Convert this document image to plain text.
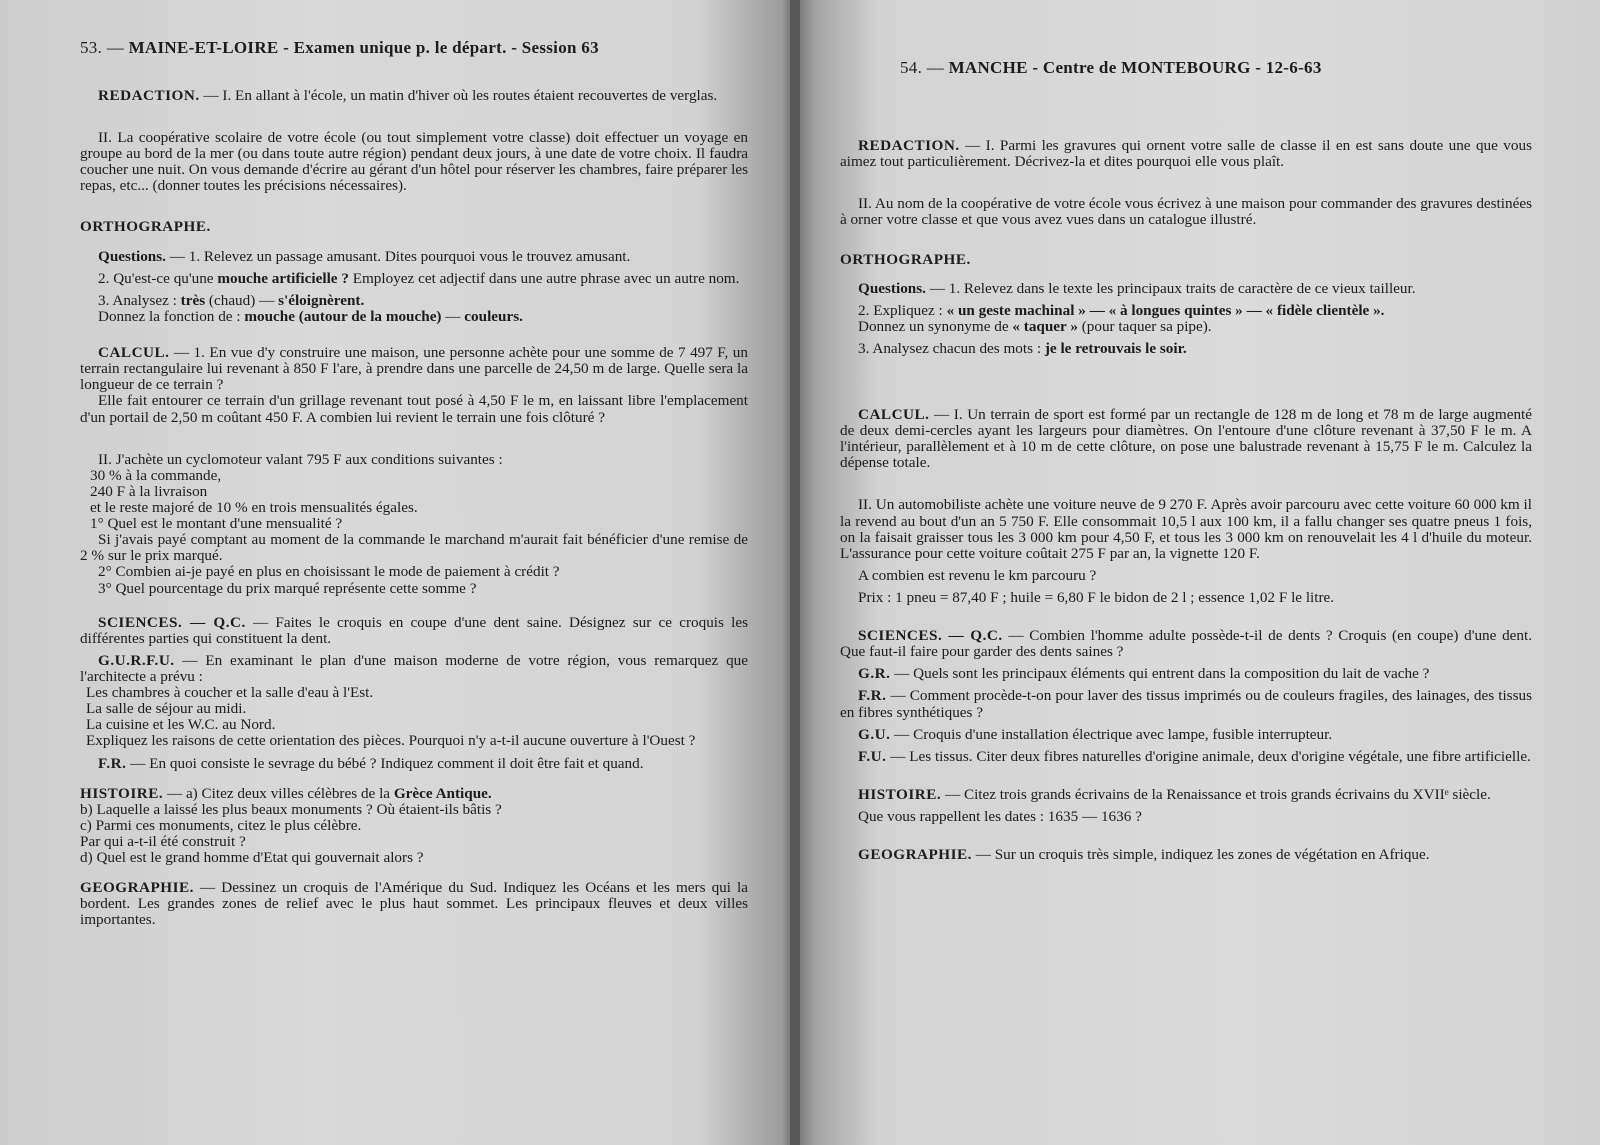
53. — MAINE-ET-LOIRE - Examen unique p. le départ. - Session 63
REDACTION. — I. En allant à l'école, un matin d'hiver où les routes étaient recouvertes de verglas.
II. La coopérative scolaire de votre école (ou tout simplement votre classe) doit effectuer un voyage en groupe au bord de la mer (ou dans toute autre région) pendant deux jours, à une date de votre choix. Il faudra coucher une nuit. On vous demande d'écrire au gérant d'un hôtel pour réserver les chambres, faire préparer les repas, etc... (donner toutes les précisions nécessaires).
ORTHOGRAPHE.
Questions. — 1. Relevez un passage amusant. Dites pourquoi vous le trouvez amusant.
2. Qu'est-ce qu'une mouche artificielle ? Employez cet adjectif dans une autre phrase avec un autre nom.
3. Analysez : très (chaud) — s'éloignèrent.
Donnez la fonction de : mouche (autour de la mouche) — couleurs.
CALCUL. — 1. En vue d'y construire une maison, une personne achète pour une somme de 7 497 F, un terrain rectangulaire lui revenant à 850 F l'are, à prendre dans une parcelle de 24,50 m de large. Quelle sera la longueur de ce terrain ?
Elle fait entourer ce terrain d'un grillage revenant tout posé à 4,50 F le m, en laissant libre l'emplacement d'un portail de 2,50 m coûtant 450 F. A combien lui revient le terrain une fois clôturé ?
II. J'achète un cyclomoteur valant 795 F aux conditions suivantes :
30 % à la commande,
240 F à la livraison
et le reste majoré de 10 % en trois mensualités égales.
1° Quel est le montant d'une mensualité ?
Si j'avais payé comptant au moment de la commande le marchand m'aurait fait bénéficier d'une remise de 2 % sur le prix marqué.
2° Combien ai-je payé en plus en choisissant le mode de paiement à crédit ?
3° Quel pourcentage du prix marqué représente cette somme ?
SCIENCES. — Q.C. — Faites le croquis en coupe d'une dent saine. Désignez sur ce croquis les différentes parties qui constituent la dent.
G.U.R.F.U. — En examinant le plan d'une maison moderne de votre région, vous remarquez que l'architecte a prévu :
Les chambres à coucher et la salle d'eau à l'Est.
La salle de séjour au midi.
La cuisine et les W.C. au Nord.
Expliquez les raisons de cette orientation des pièces. Pourquoi n'y a-t-il aucune ouverture à l'Ouest ?
F.R. — En quoi consiste le sevrage du bébé ? Indiquez comment il doit être fait et quand.
HISTOIRE. — a) Citez deux villes célèbres de la Grèce Antique.
b) Laquelle a laissé les plus beaux monuments ? Où étaient-ils bâtis ?
c) Parmi ces monuments, citez le plus célèbre.
Par qui a-t-il été construit ?
d) Quel est le grand homme d'Etat qui gouvernait alors ?
GEOGRAPHIE. — Dessinez un croquis de l'Amérique du Sud. Indiquez les Océans et les mers qui la bordent. Les grandes zones de relief avec le plus haut sommet. Les principaux fleuves et deux villes importantes.
54. — MANCHE - Centre de MONTEBOURG - 12-6-63
REDACTION. — I. Parmi les gravures qui ornent votre salle de classe il en est sans doute une que vous aimez tout particulièrement. Décrivez-la et dites pourquoi elle vous plaît.
II. Au nom de la coopérative de votre école vous écrivez à une maison pour commander des gravures destinées à orner votre classe et que vous avez vues dans un catalogue illustré.
ORTHOGRAPHE.
Questions. — 1. Relevez dans le texte les principaux traits de caractère de ce vieux tailleur.
2. Expliquez : « un geste machinal » — « à longues quintes » — « fidèle clientèle ».
Donnez un synonyme de « taquer » (pour taquer sa pipe).
3. Analysez chacun des mots : je le retrouvais le soir.
CALCUL. — I. Un terrain de sport est formé par un rectangle de 128 m de long et 78 m de large augmenté de deux demi-cercles ayant les largeurs pour diamètres. On l'entoure d'une clôture revenant à 37,50 F le m. A l'intérieur, parallèlement et à 10 m de cette clôture, on pose une balustrade revenant à 15,75 F le m. Calculez la dépense totale.
II. Un automobiliste achète une voiture neuve de 9 270 F. Après avoir parcouru avec cette voiture 60 000 km il la revend au bout d'un an 5 750 F. Elle consommait 10,5 l aux 100 km, il a fallu changer ses quatre pneus 1 fois, on la faisait graisser tous les 3 000 km pour 4,50 F, et tous les 3 000 km on renouvelait les 4 l d'huile du moteur. L'assurance pour cette voiture coûtait 275 F par an, la vignette 120 F.
A combien est revenu le km parcouru ?
Prix : 1 pneu = 87,40 F ; huile = 6,80 F le bidon de 2 l ; essence 1,02 F le litre.
SCIENCES. — Q.C. — Combien l'homme adulte possède-t-il de dents ? Croquis (en coupe) d'une dent. Que faut-il faire pour garder des dents saines ?
G.R. — Quels sont les principaux éléments qui entrent dans la composition du lait de vache ?
F.R. — Comment procède-t-on pour laver des tissus imprimés ou de couleurs fragiles, des lainages, des tissus en fibres synthétiques ?
G.U. — Croquis d'une installation électrique avec lampe, fusible interrupteur.
F.U. — Les tissus. Citer deux fibres naturelles d'origine animale, deux d'origine végétale, une fibre artificielle.
HISTOIRE. — Citez trois grands écrivains de la Renaissance et trois grands écrivains du XVIIᵉ siècle.
Que vous rappellent les dates : 1635 — 1636 ?
GEOGRAPHIE. — Sur un croquis très simple, indiquez les zones de végétation en Afrique.
